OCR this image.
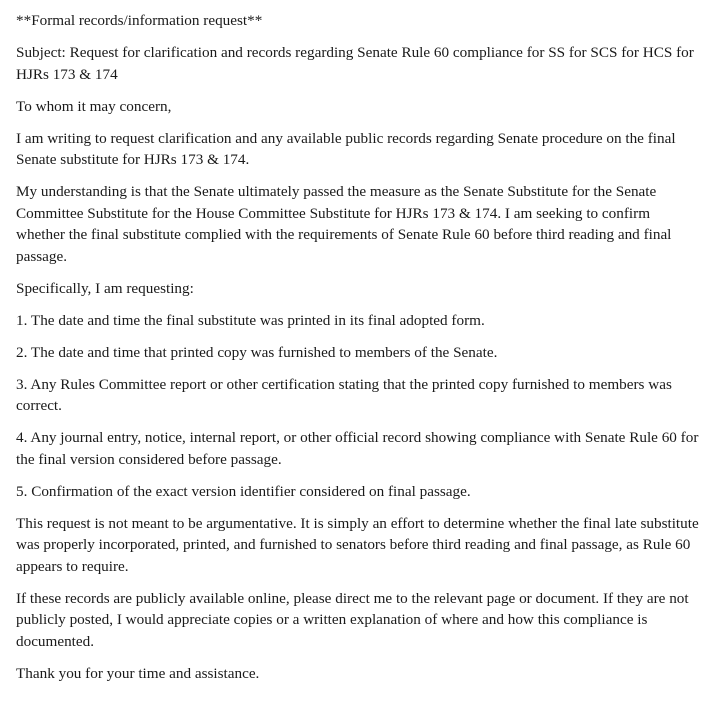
**Formal records/information request**

Subject: Request for clarification and records regarding Senate Rule 60 compliance for SS for SCS for HCS for HJRs 173 & 174

To whom it may concern,

I am writing to request clarification and any available public records regarding Senate procedure on the final Senate substitute for HJRs 173 & 174.

My understanding is that the Senate ultimately passed the measure as the Senate Substitute for the Senate Committee Substitute for the House Committee Substitute for HJRs 173 & 174. I am seeking to confirm whether the final substitute complied with the requirements of Senate Rule 60 before third reading and final passage.

Specifically, I am requesting:

1. The date and time the final substitute was printed in its final adopted form.

2. The date and time that printed copy was furnished to members of the Senate.

3. Any Rules Committee report or other certification stating that the printed copy furnished to members was correct.

4. Any journal entry, notice, internal report, or other official record showing compliance with Senate Rule 60 for the final version considered before passage.

5. Confirmation of the exact version identifier considered on final passage.

This request is not meant to be argumentative. It is simply an effort to determine whether the final late substitute was properly incorporated, printed, and furnished to senators before third reading and final passage, as Rule 60 appears to require.

If these records are publicly available online, please direct me to the relevant page or document. If they are not publicly posted, I would appreciate copies or a written explanation of where and how this compliance is documented.

Thank you for your time and assistance.
